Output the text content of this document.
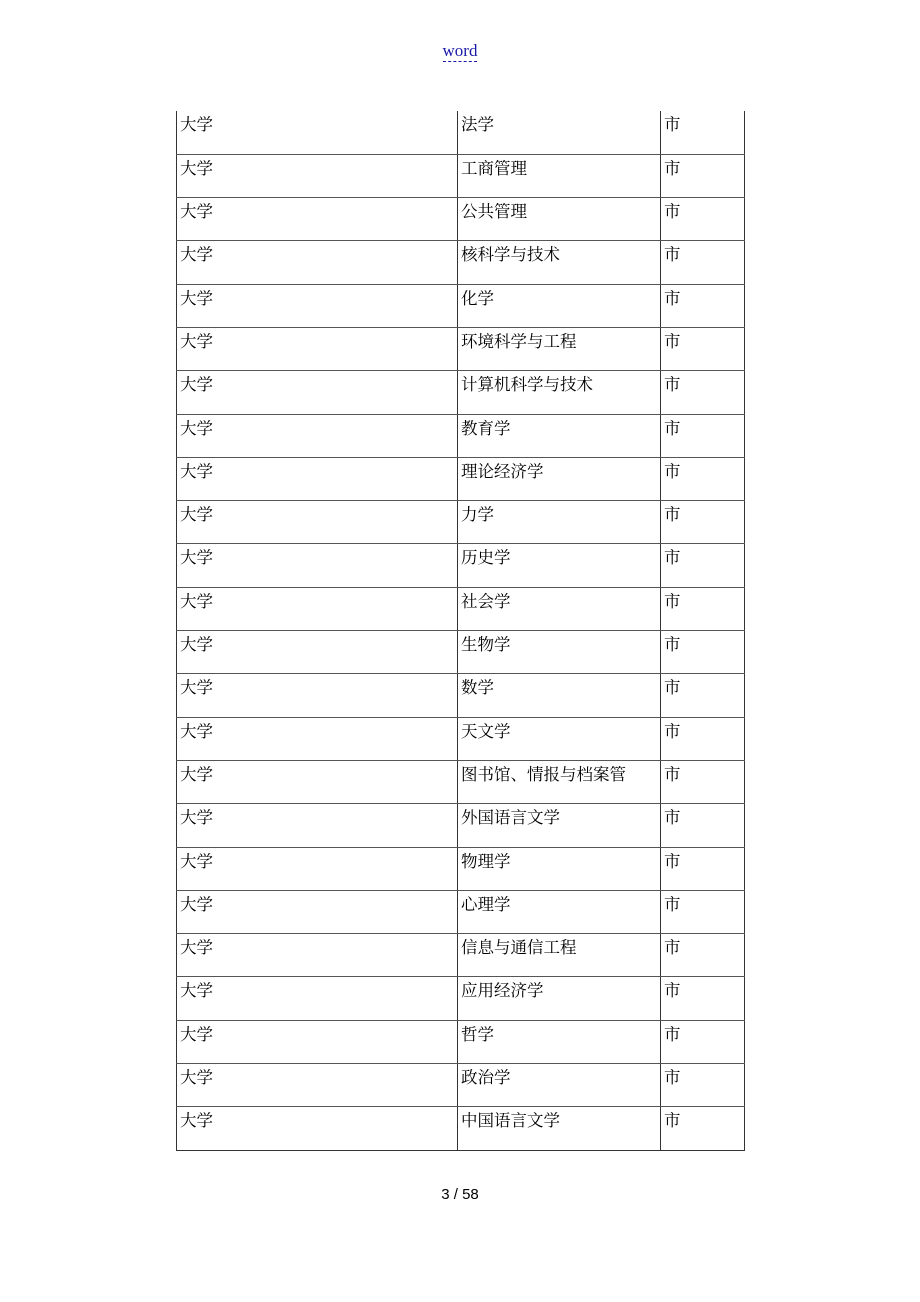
word
大学	法学	市
大学	工商管理	市
大学	公共管理	市
大学	核科学与技术	市
大学	化学	市
大学	环境科学与工程	市
大学	计算机科学与技术	市
大学	教育学	市
大学	理论经济学	市
大学	力学	市
大学	历史学	市
大学	社会学	市
大学	生物学	市
大学	数学	市
大学	天文学	市
大学	图书馆、情报与档案管	市
大学	外国语言文学	市
大学	物理学	市
大学	心理学	市
大学	信息与通信工程	市
大学	应用经济学	市
大学	哲学	市
大学	政治学	市
大学	中国语言文学	市
3 / 58
